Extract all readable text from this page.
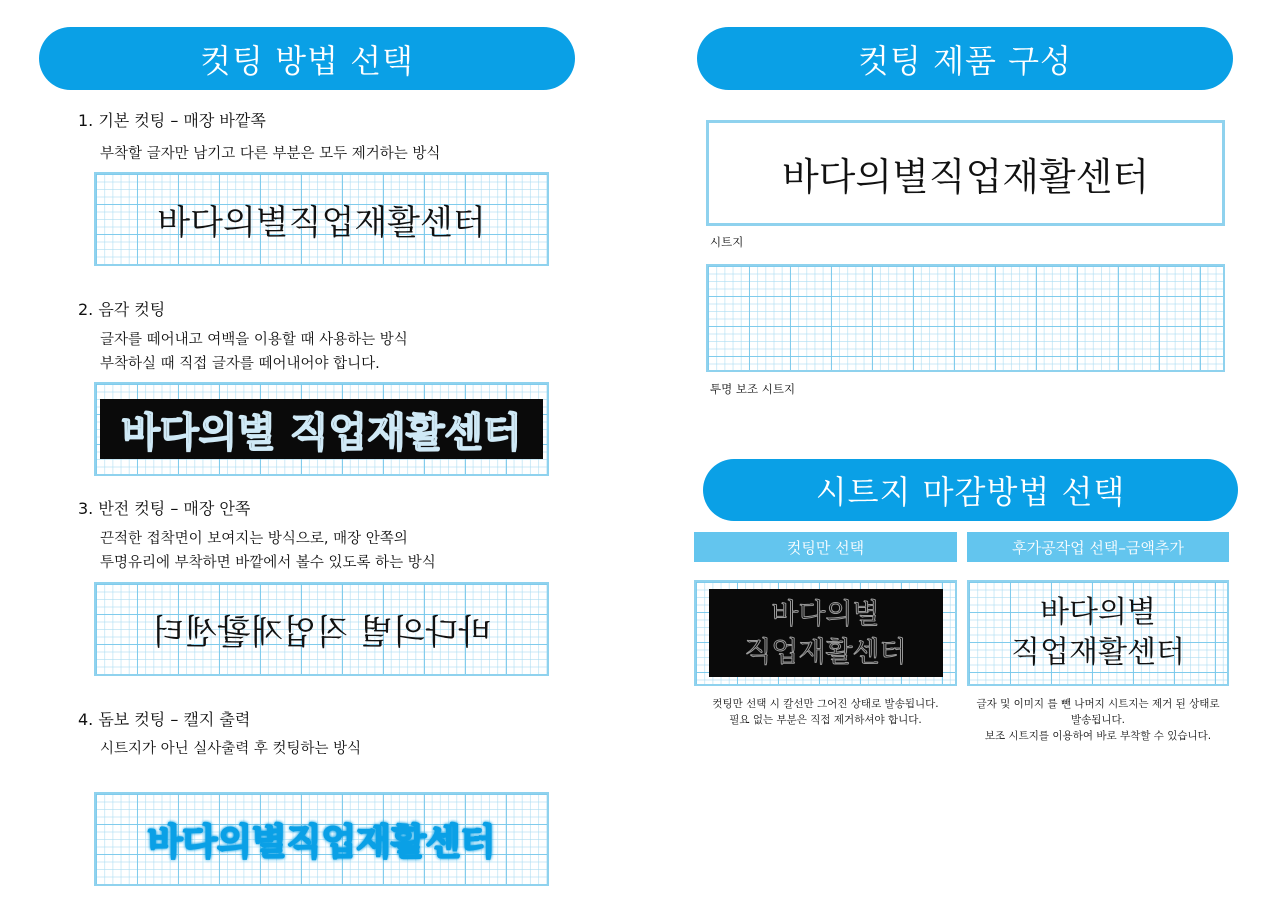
컷팅 방법 선택
1. 기본 컷팅 – 매장 바깥쪽
부착할 글자만 남기고 다른 부분은 모두 제거하는 방식
바다의별직업재활센터
2. 음각 컷팅
글자를 떼어내고 여백을 이용할 때 사용하는 방식
부착하실 때 직접 글자를 떼어내어야 합니다.
바다의별 직업재활센터
3. 반전 컷팅 – 매장 안쪽
끈적한 접착면이 보여지는 방식으로, 매장 안쪽의
투명유리에 부착하면 바깥에서 볼수 있도록 하는 방식
바다의별 직업재활센터
4. 돔보 컷팅 – 캘지 출력
시트지가 아닌 실사출력 후 컷팅하는 방식
바다의별직업재활센터
컷팅 제품 구성
바다의별직업재활센터
시트지
투명 보조 시트지
시트지 마감방법 선택
컷팅만 선택
바다의별
직업재활센터
컷팅만 선택 시 칼선만 그어진 상태로 발송됩니다.
필요 없는 부분은 직접 제거하셔야 합니다.
후가공작업 선택–금액추가
바다의별
직업재활센터
글자 및 이미지 를 뺀 나머지 시트지는 제거 된 상태로
발송됩니다.
보조 시트지를 이용하여 바로 부착할 수 있습니다.
